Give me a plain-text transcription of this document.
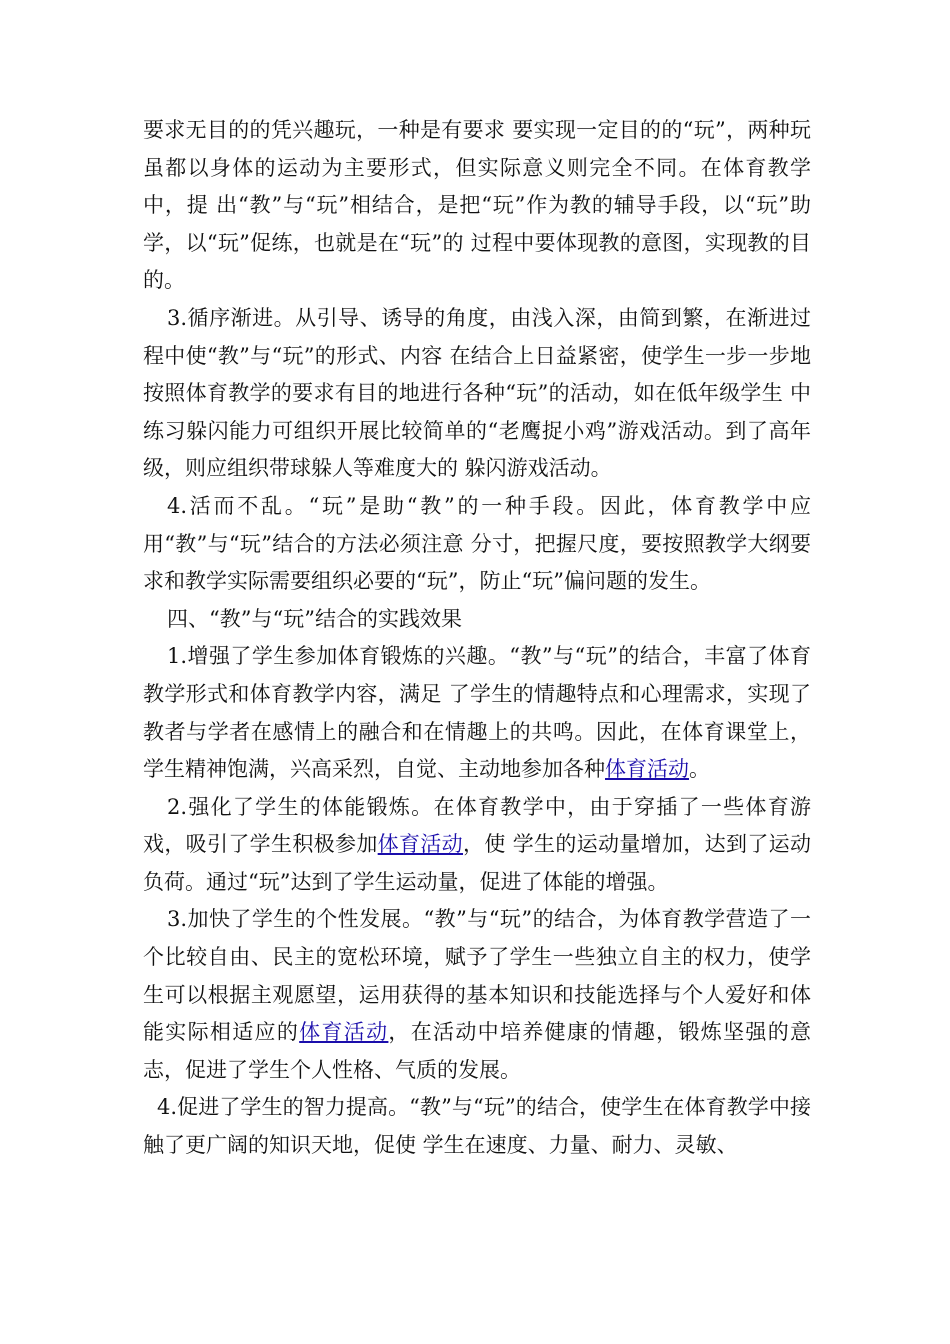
要求无目的的凭兴趣玩，一种是有要求 要实现一定目的的“玩”，两种玩虽都以身体的运动为主要形式，但实际意义则完全不同。在体育教学中，提 出“教”与“玩”相结合，是把“玩”作为教的辅导手段，以“玩”助学，以“玩”促练，也就是在“玩”的 过程中要体现教的意图，实现教的目的。

3.循序渐进。从引导、诱导的角度，由浅入深，由简到繁，在渐进过程中使“教”与“玩”的形式、内容 在结合上日益紧密，使学生一步一步地按照体育教学的要求有目的地进行各种“玩”的活动，如在低年级学生 中练习躲闪能力可组织开展比较简单的“老鹰捉小鸡”游戏活动。到了高年级，则应组织带球躲人等难度大的 躲闪游戏活动。

4.活而不乱。“玩”是助“教”的一种手段。因此，体育教学中应用“教”与“玩”结合的方法必须注意 分寸，把握尺度，要按照教学大纲要求和教学实际需要组织必要的“玩”，防止“玩”偏问题的发生。

四、“教”与“玩”结合的实践效果

1.增强了学生参加体育锻炼的兴趣。“教”与“玩”的结合，丰富了体育教学形式和体育教学内容，满足 了学生的情趣特点和心理需求，实现了教者与学者在感情上的融合和在情趣上的共鸣。因此，在体育课堂上，学生精神饱满，兴高采烈，自觉、主动地参加各种体育活动。

2.强化了学生的体能锻炼。在体育教学中，由于穿插了一些体育游戏，吸引了学生积极参加体育活动，使 学生的运动量增加，达到了运动负荷。通过“玩”达到了学生运动量，促进了体能的增强。

3.加快了学生的个性发展。“教”与“玩”的结合，为体育教学营造了一个比较自由、民主的宽松环境，赋予了学生一些独立自主的权力，使学生可以根据主观愿望，运用获得的基本知识和技能选择与个人爱好和体 能实际相适应的体育活动，在活动中培养健康的情趣，锻炼坚强的意志，促进了学生个人性格、气质的发展。

4.促进了学生的智力提高。“教”与“玩”的结合，使学生在体育教学中接触了更广阔的知识天地，促使 学生在速度、力量、耐力、灵敏、
